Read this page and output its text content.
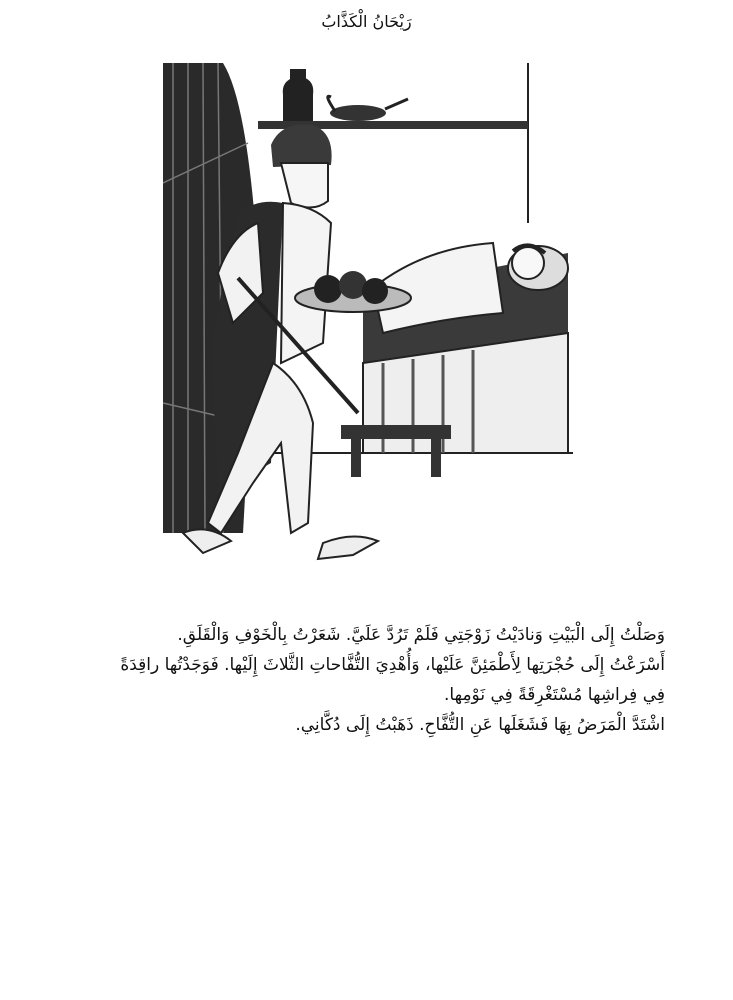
رَيْحَانُ الْكَذَّابُ

وَصَلْتُ إِلَى الْبَيْتِ وَنادَيْتُ زَوْجَتِي فَلَمْ تَرُدَّ عَلَيَّ. شَعَرْتُ بِالْخَوْفِ وَالْقَلَقِ.

أَسْرَعْتُ إِلَى حُجْرَتِها لِأَطْمَئِنَّ عَلَيْها، وَأُهْدِيَ التُّفَّاحاتِ الثَّلاثَ إِلَيْها. فَوَجَدْتُها راقِدَةً فِي فِراشِها مُسْتَغْرِقَةً فِي نَوْمِها.

اشْتَدَّ الْمَرَضُ بِهَا فَشَغَلَها عَنِ التُّفَّاحِ. ذَهَبْتُ إِلَى دُكَّانِي.
